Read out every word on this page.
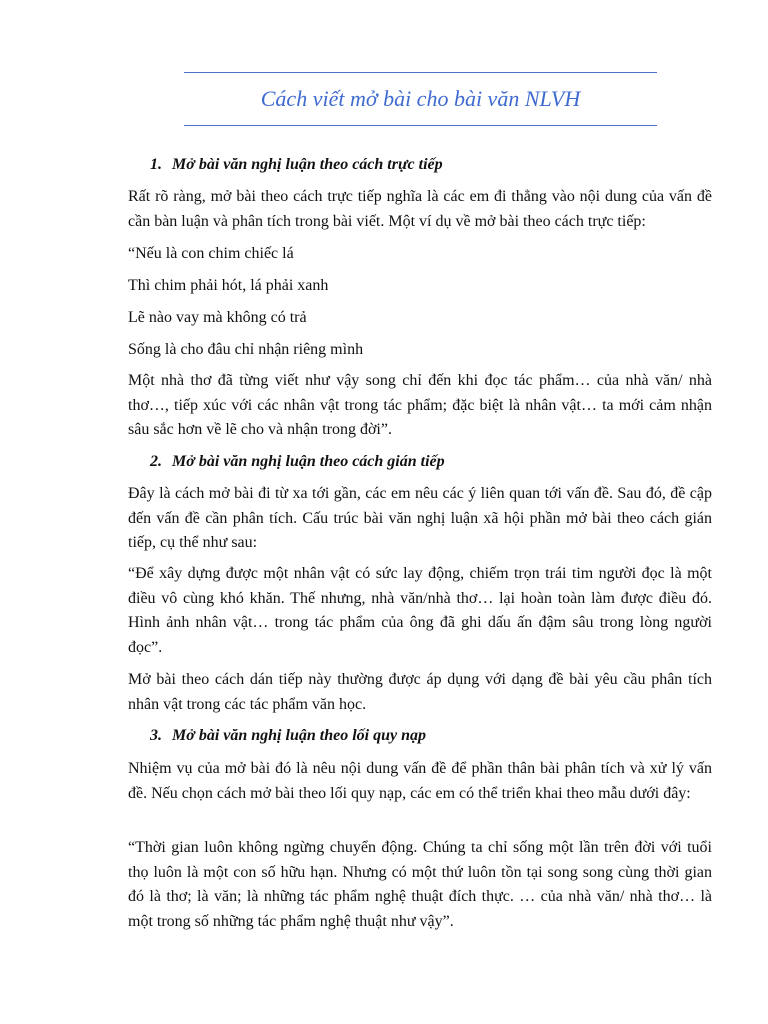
Cách viết mở bài cho bài văn NLVH
1. Mở bài văn nghị luận theo cách trực tiếp

Rất rõ ràng, mở bài theo cách trực tiếp nghĩa là các em đi thẳng vào nội dung của vấn đề cần bàn luận và phân tích trong bài viết. Một ví dụ về mở bài theo cách trực tiếp:

“Nếu là con chim chiếc lá

Thì chim phải hót, lá phải xanh

Lẽ nào vay mà không có trả

Sống là cho đâu chỉ nhận riêng mình

Một nhà thơ đã từng viết như vậy song chỉ đến khi đọc tác phẩm… của nhà văn/ nhà thơ…, tiếp xúc với các nhân vật trong tác phẩm; đặc biệt là nhân vật… ta mới cảm nhận sâu sắc hơn về lẽ cho và nhận trong đời”.

2. Mở bài văn nghị luận theo cách gián tiếp

Đây là cách mở bài đi từ xa tới gần, các em nêu các ý liên quan tới vấn đề. Sau đó, đề cập đến vấn đề cần phân tích. Cấu trúc bài văn nghị luận xã hội phần mở bài theo cách gián tiếp, cụ thể như sau:

“Để xây dựng được một nhân vật có sức lay động, chiếm trọn trái tim người đọc là một điều vô cùng khó khăn. Thế nhưng, nhà văn/nhà thơ… lại hoàn toàn làm được điều đó. Hình ảnh nhân vật… trong tác phẩm của ông đã ghi dấu ấn đậm sâu trong lòng người đọc”.

Mở bài theo cách dán tiếp này thường được áp dụng với dạng đề bài yêu cầu phân tích nhân vật trong các tác phẩm văn học.

3. Mở bài văn nghị luận theo lối quy nạp

Nhiệm vụ của mở bài đó là nêu nội dung vấn đề để phần thân bài phân tích và xử lý vấn đề. Nếu chọn cách mở bài theo lối quy nạp, các em có thể triển khai theo mẫu dưới đây:

“Thời gian luôn không ngừng chuyển động. Chúng ta chỉ sống một lần trên đời với tuổi thọ luôn là một con số hữu hạn. Nhưng có một thứ luôn tồn tại song song cùng thời gian đó là thơ; là văn; là những tác phẩm nghệ thuật đích thực. … của nhà văn/ nhà thơ… là một trong số những tác phẩm nghệ thuật như vậy”.
